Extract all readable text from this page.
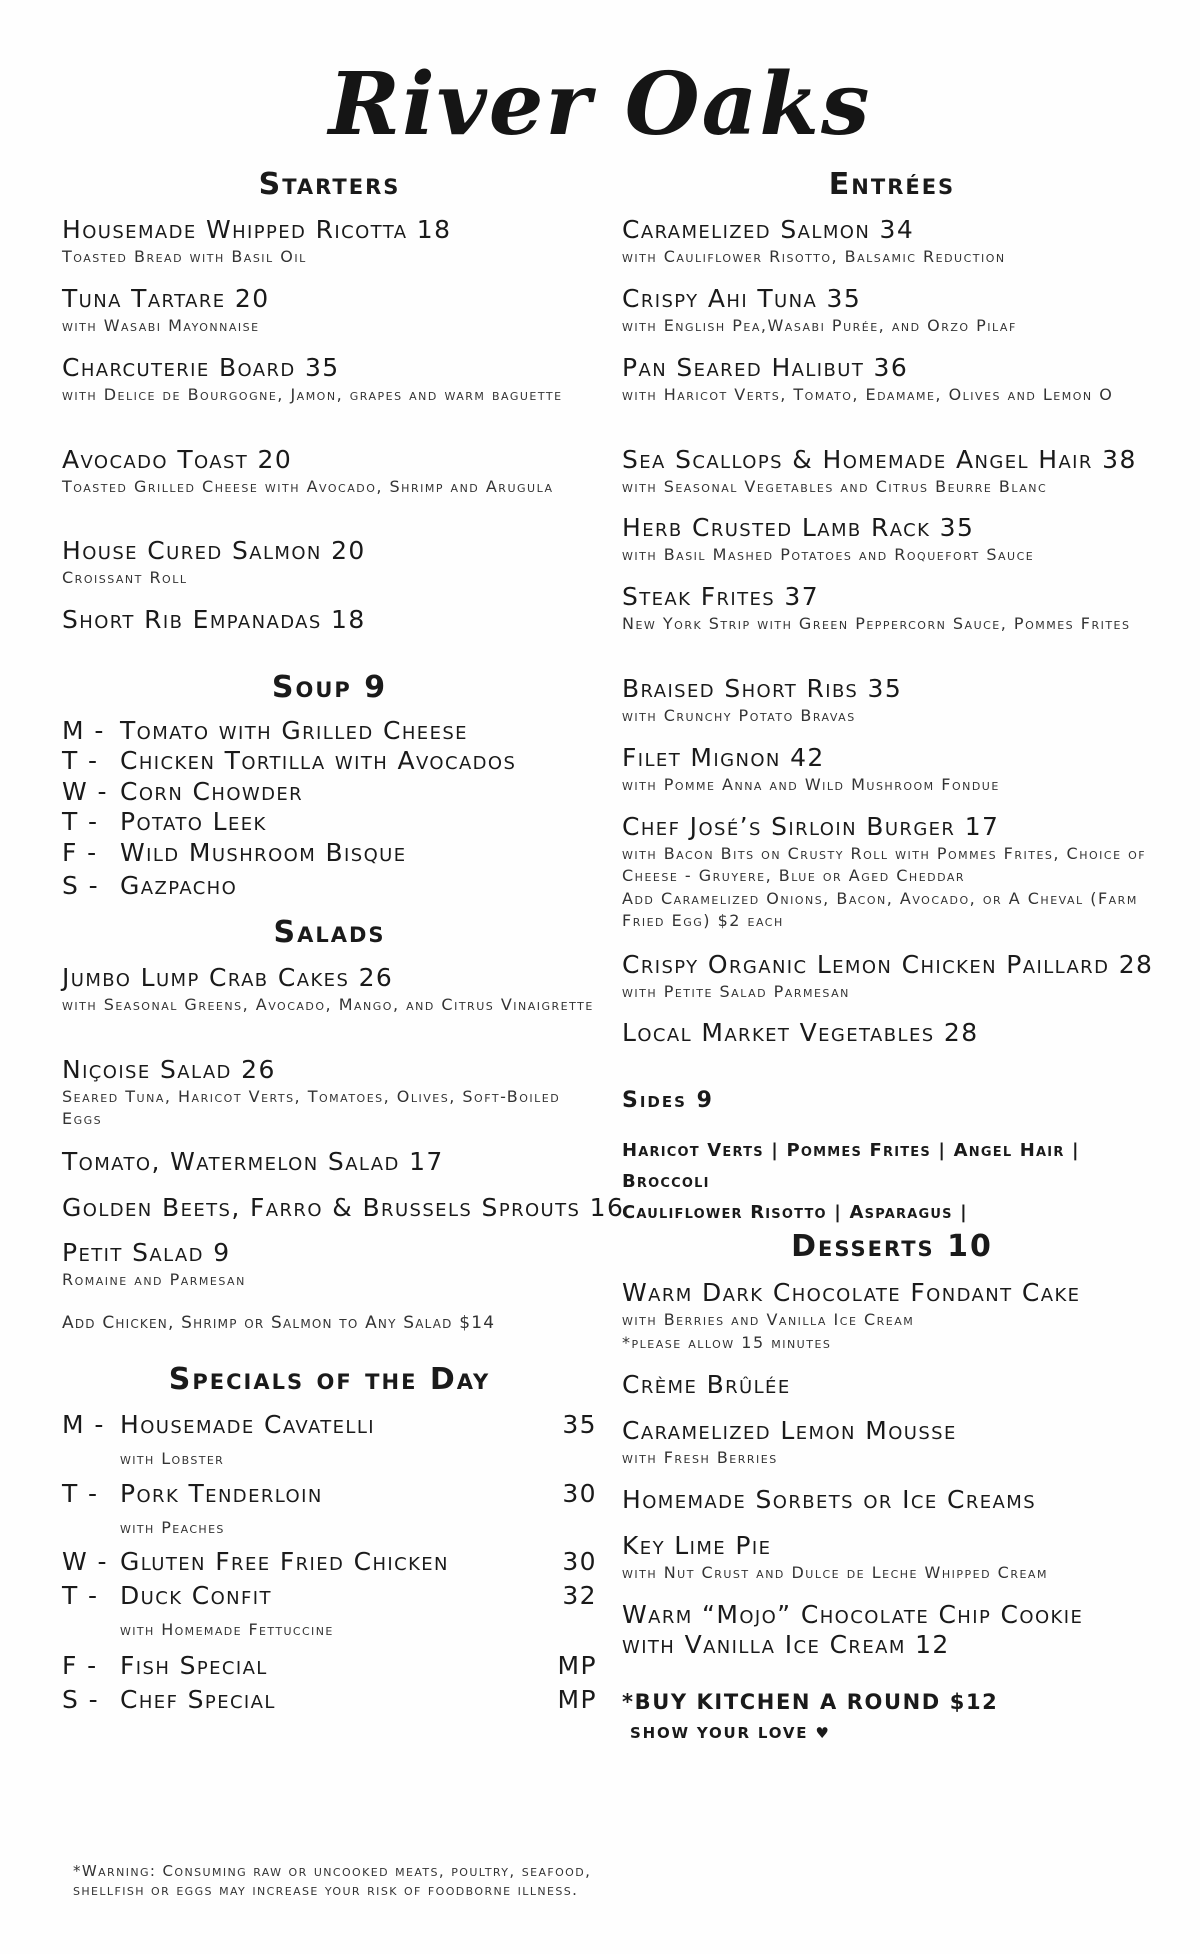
River Oaks
Starters
Housemade Whipped Ricotta 18
Toasted Bread with Basil Oil
Tuna Tartare 20
with Wasabi Mayonnaise
Charcuterie Board 35
with Delice de Bourgogne, Jamon, grapes and warm baguette
Avocado Toast 20
Toasted Grilled Cheese with Avocado, Shrimp and Arugula
House Cured Salmon 20
Croissant Roll
Short Rib Empanadas 18
Soup 9
M - Tomato with Grilled Cheese
T - Chicken Tortilla with Avocados
W - Corn Chowder
T - Potato Leek
F - Wild Mushroom Bisque
S - Gazpacho
Salads
Jumbo Lump Crab Cakes 26
with Seasonal Greens, Avocado, Mango, and Citrus Vinaigrette
Niçoise Salad 26
Seared Tuna, Haricot Verts, Tomatoes, Olives, Soft-Boiled Eggs
Tomato, Watermelon Salad 17
Golden Beets, Farro & Brussels Sprouts 16
Petit Salad 9
Romaine and Parmesan
Add Chicken, Shrimp or Salmon to Any Salad $14
Specials of the Day
M - Housemade Cavatelli	35
with Lobster
T - Pork Tenderloin	30
with Peaches
W - Gluten Free Fried Chicken	30
T - Duck Confit	32
with Homemade Fettuccine
F - Fish Special	MP
S - Chef Special	MP
Entrées
Caramelized Salmon 34
with Cauliflower Risotto, Balsamic Reduction
Crispy Ahi Tuna 35
with English Pea,Wasabi Purée, and Orzo Pilaf
Pan Seared Halibut 36
with Haricot Verts, Tomato, Edamame, Olives and Lemon O
Sea Scallops & Homemade Angel Hair 38
with Seasonal Vegetables and Citrus Beurre Blanc
Herb Crusted Lamb Rack 35
with Basil Mashed Potatoes and Roquefort Sauce
Steak Frites 37
New York Strip with Green Peppercorn Sauce, Pommes Frites
Braised Short Ribs 35
with Crunchy Potato Bravas
Filet Mignon 42
with Pomme Anna and Wild Mushroom Fondue
Chef José’s Sirloin Burger 17
with Bacon Bits on Crusty Roll with Pommes Frites, Choice of Cheese - Gruyere, Blue or Aged Cheddar
Add Caramelized Onions, Bacon, Avocado, or A Cheval (Farm Fried Egg) $2 each
Crispy Organic Lemon Chicken Paillard 28
with Petite Salad Parmesan
Local Market Vegetables 28
Sides 9
Haricot Verts | Pommes Frites | Angel Hair | Broccoli
Cauliflower Risotto | Asparagus |
Desserts 10
Warm Dark Chocolate Fondant Cake
with Berries and Vanilla Ice Cream
*please allow 15 minutes
Crème Brûlée
Caramelized Lemon Mousse
with Fresh Berries
Homemade Sorbets or Ice Creams
Key Lime Pie
with Nut Crust and Dulce de Leche Whipped Cream
Warm “Mojo” Chocolate Chip Cookie
with Vanilla Ice Cream 12
*BUY KITCHEN A ROUND $12
SHOW YOUR LOVE ♥
*Warning: Consuming raw or uncooked meats, poultry, seafood, shellfish or eggs may increase your risk of foodborne illness.
